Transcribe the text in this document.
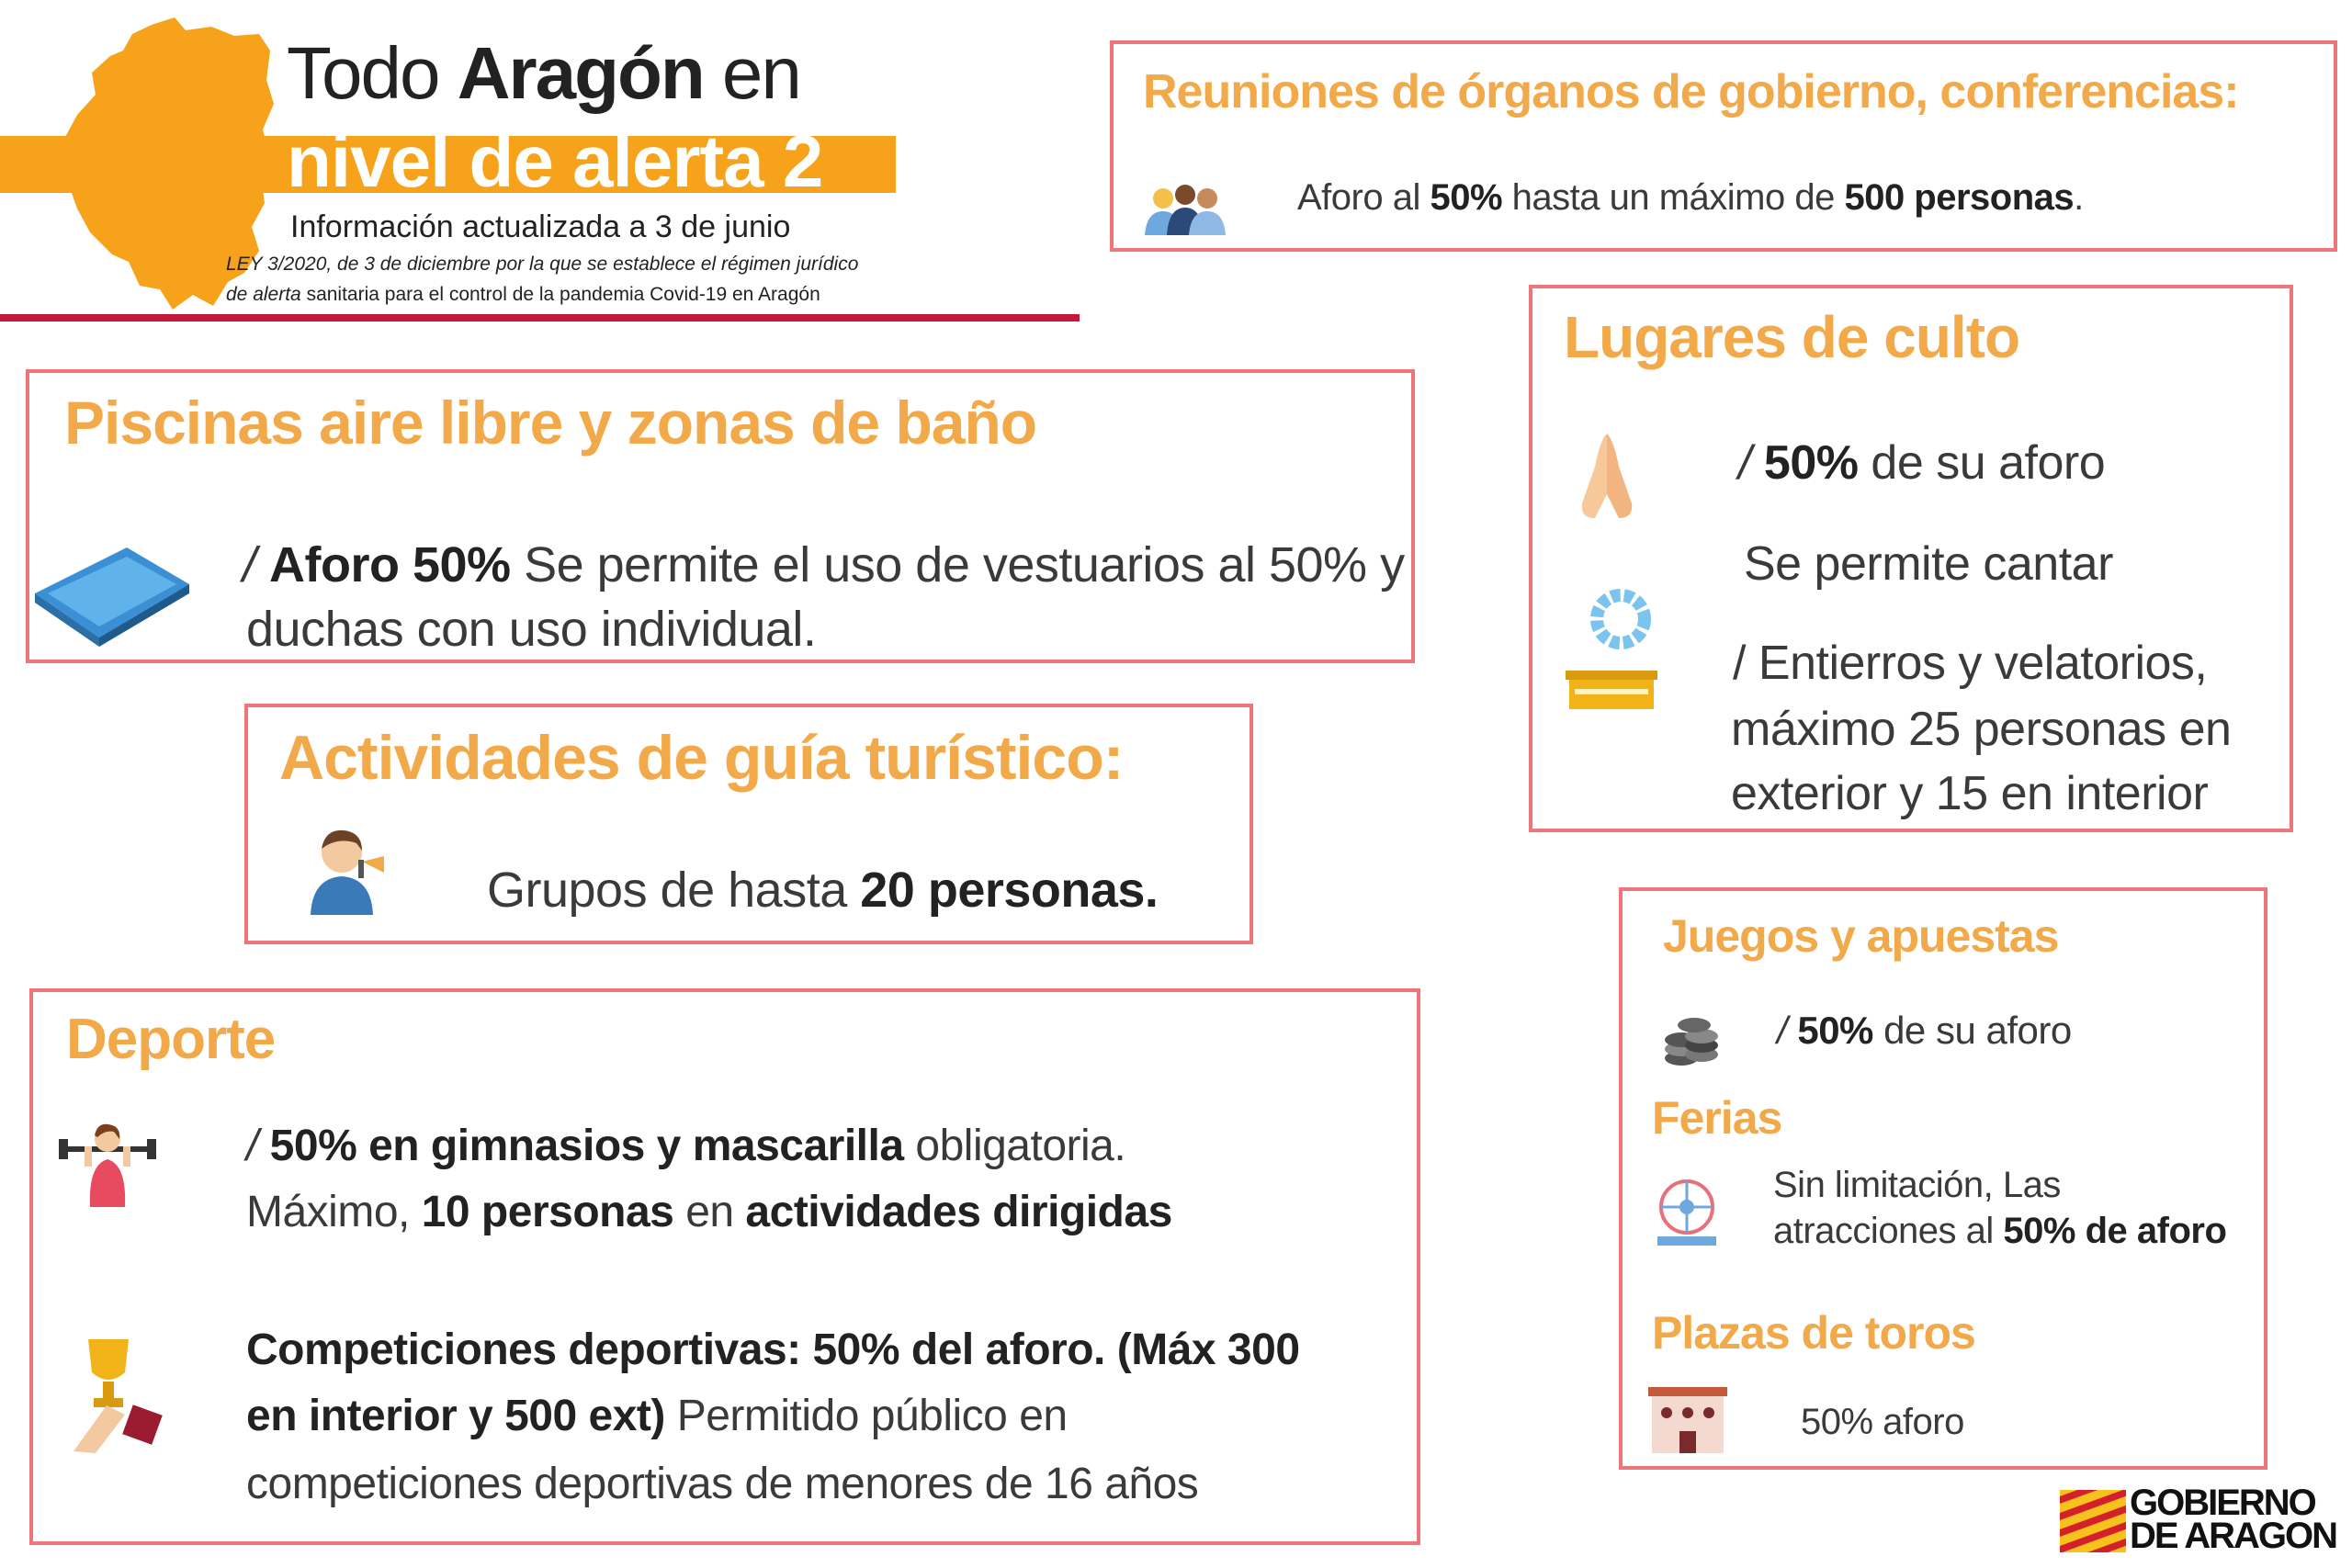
Todo Aragón en
nivel de alerta 2
Información actualizada a 3 de junio
LEY 3/2020, de 3 de diciembre por la que se establece el régimen jurídico
de alerta sanitaria para el control de la pandemia Covid-19 en Aragón
Reuniones de órganos de gobierno, conferencias:
Aforo al 50% hasta un máximo de 500 personas.
Piscinas aire libre y zonas de baño
/ Aforo 50% Se permite el uso de vestuarios al 50% y
duchas con uso individual.
Actividades de guía turístico:
Grupos de hasta 20 personas.
Deporte
/ 50% en gimnasios y mascarilla obligatoria.
Máximo, 10 personas en actividades dirigidas
Competiciones deportivas: 50% del aforo. (Máx 300
en interior y 500 ext) Permitido público en
competiciones deportivas de menores de 16 años
Lugares de culto
/ 50% de su aforo
Se permite cantar
/ Entierros y velatorios,
máximo 25 personas en
exterior y 15 en interior
Juegos y apuestas
/ 50% de su aforo
Ferias
Sin limitación, Las
atracciones al 50% de aforo
Plazas de toros
50% aforo
GOBIERNO
DE ARAGON
